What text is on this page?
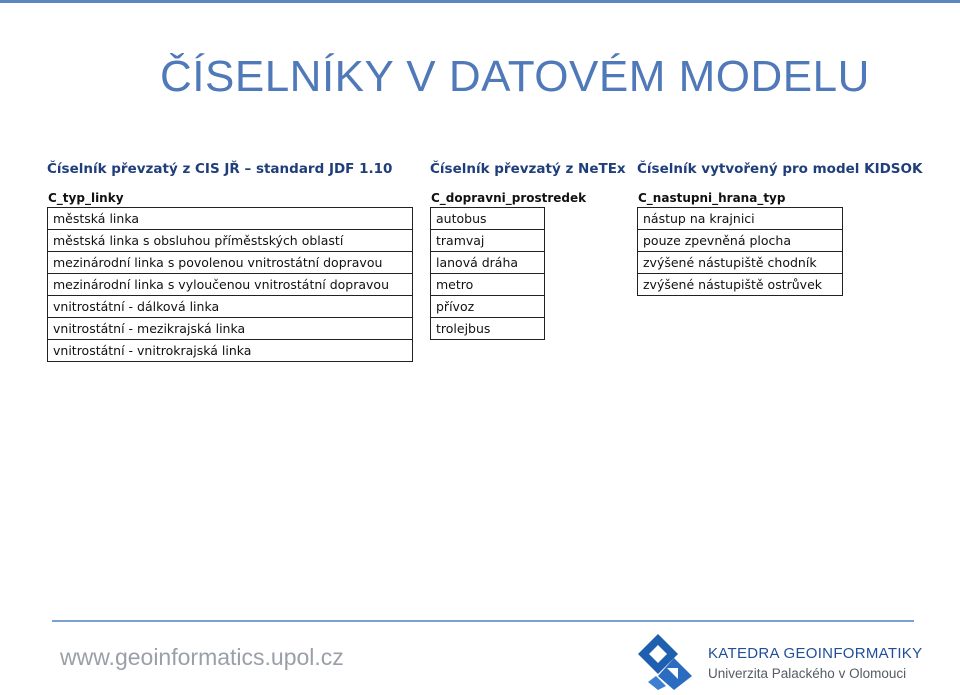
ČÍSELNÍKY V DATOVÉM MODELU
Číselník převzatý z CIS JŘ – standard JDF 1.10
C_typ_linky
městská linka
městská linka s obsluhou příměstských oblastí
mezinárodní linka s povolenou vnitrostátní dopravou
mezinárodní linka s vyloučenou vnitrostátní dopravou
vnitrostátní - dálková linka
vnitrostátní - mezikrajská linka
vnitrostátní - vnitrokrajská linka
Číselník převzatý z NeTEx
C_dopravni_prostredek
autobus
tramvaj
lanová dráha
metro
přívoz
trolejbus
Číselník vytvořený pro model KIDSOK
C_nastupni_hrana_typ
nástup na krajnici
pouze zpevněná plocha
zvýšené nástupiště chodník
zvýšené nástupiště ostrůvek
www.geoinformatics.upol.cz	KATEDRA GEOINFORMATIKY
Univerzita Palackého v Olomouci
